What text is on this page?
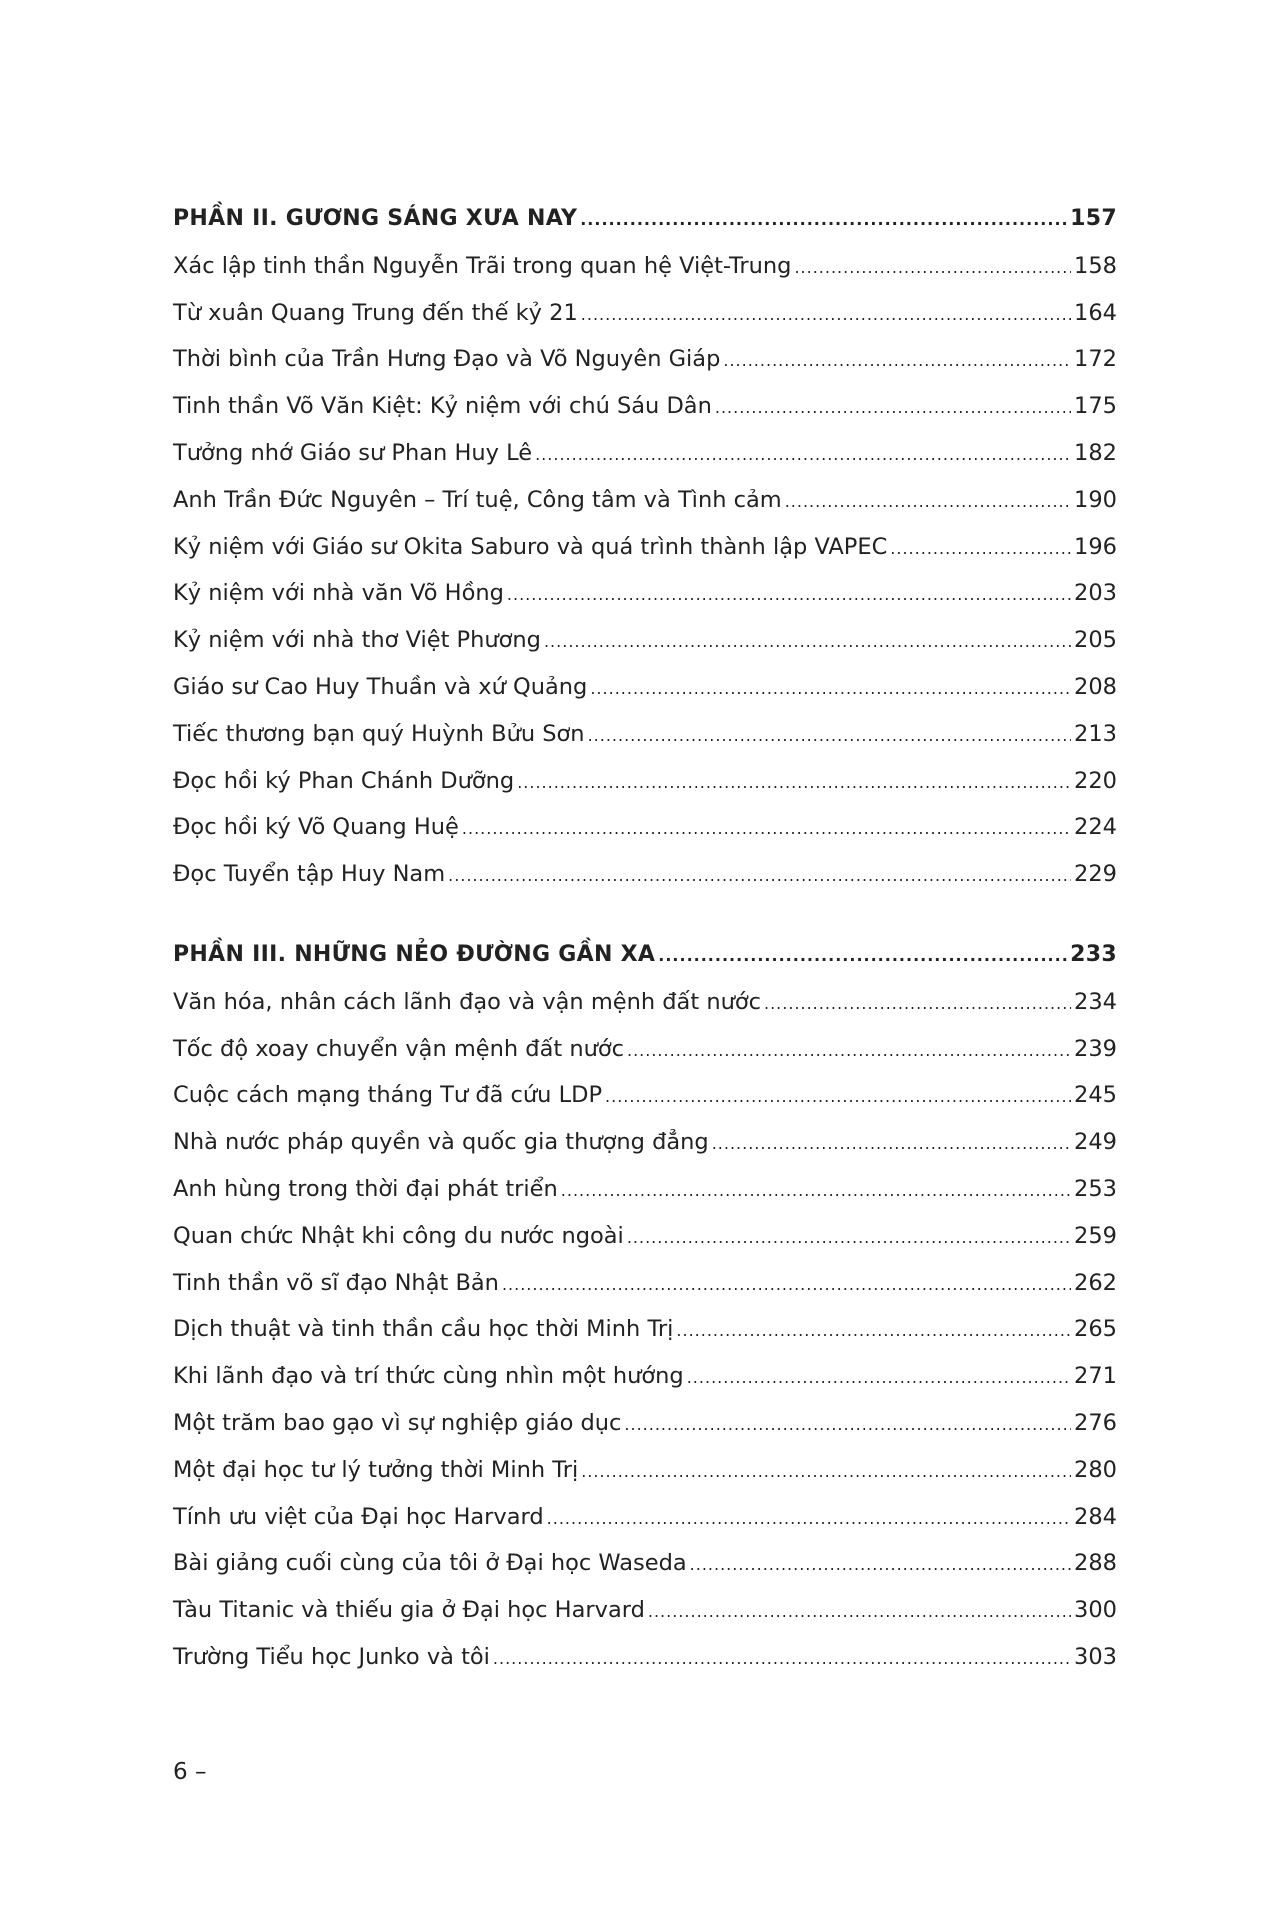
PHẦN II. GƯƠNG SÁNG XƯA NAY .....	157
Xác lập tinh thần Nguyễn Trãi trong quan hệ Việt-Trung .....	158
Từ xuân Quang Trung đến thế kỷ 21 .....	164
Thời bình của Trần Hưng Đạo và Võ Nguyên Giáp .....	172
Tinh thần Võ Văn Kiệt: Kỷ niệm với chú Sáu Dân .....	175
Tưởng nhớ Giáo sư Phan Huy Lê .....	182
Anh Trần Đức Nguyên – Trí tuệ, Công tâm và Tình cảm .....	190
Kỷ niệm với Giáo sư Okita Saburo và quá trình thành lập VAPEC .....	196
Kỷ niệm với nhà văn Võ Hồng .....	203
Kỷ niệm với nhà thơ Việt Phương .....	205
Giáo sư Cao Huy Thuần và xứ Quảng .....	208
Tiếc thương bạn quý Huỳnh Bửu Sơn .....	213
Đọc hồi ký Phan Chánh Dưỡng .....	220
Đọc hồi ký Võ Quang Huệ .....	224
Đọc Tuyển tập Huy Nam .....	229
PHẦN III. NHỮNG NẺO ĐƯỜNG GẦN XA .....	233
Văn hóa, nhân cách lãnh đạo và vận mệnh đất nước .....	234
Tốc độ xoay chuyển vận mệnh đất nước .....	239
Cuộc cách mạng tháng Tư đã cứu LDP .....	245
Nhà nước pháp quyền và quốc gia thượng đẳng .....	249
Anh hùng trong thời đại phát triển .....	253
Quan chức Nhật khi công du nước ngoài .....	259
Tinh thần võ sĩ đạo Nhật Bản .....	262
Dịch thuật và tinh thần cầu học thời Minh Trị .....	265
Khi lãnh đạo và trí thức cùng nhìn một hướng .....	271
Một trăm bao gạo vì sự nghiệp giáo dục .....	276
Một đại học tư lý tưởng thời Minh Trị .....	280
Tính ưu việt của Đại học Harvard .....	284
Bài giảng cuối cùng của tôi ở Đại học Waseda .....	288
Tàu Titanic và thiếu gia ở Đại học Harvard .....	300
Trường Tiểu học Junko và tôi .....	303
6 –
